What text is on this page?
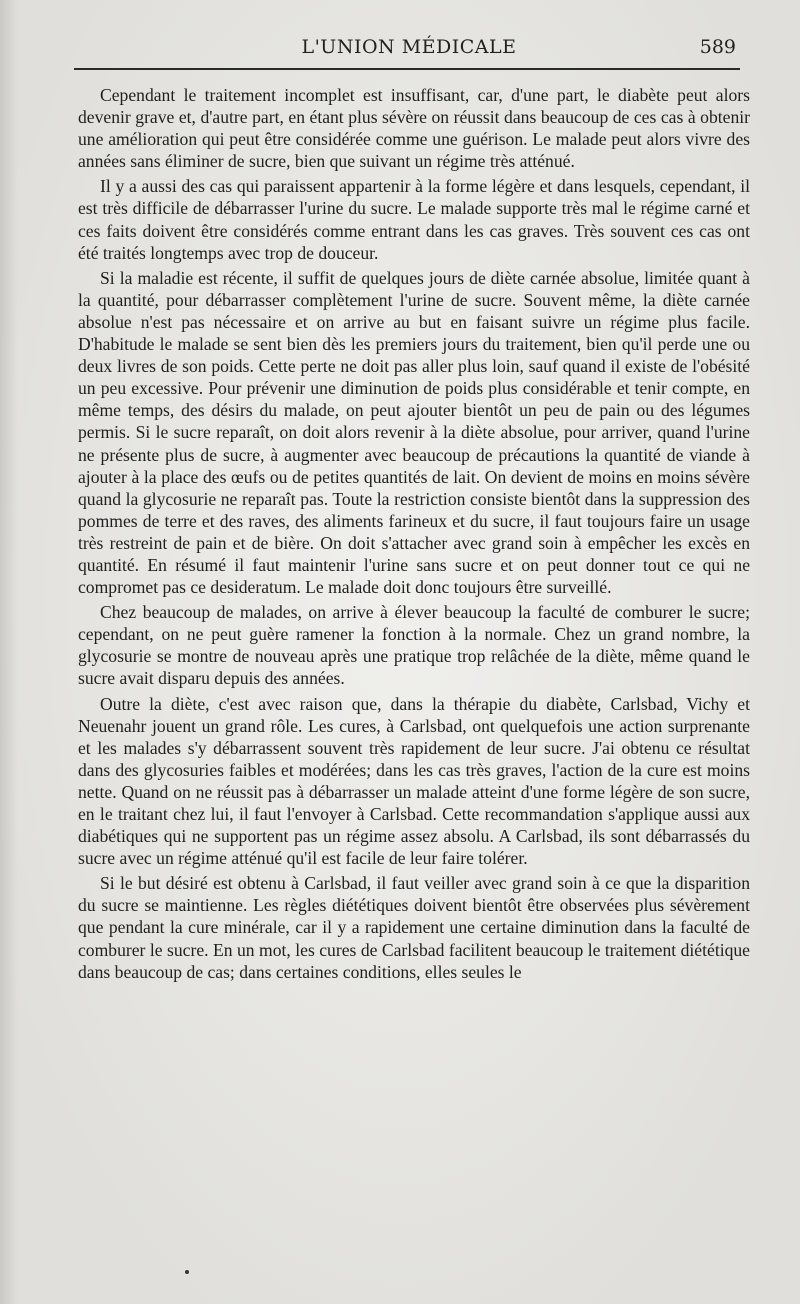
L'UNION MÉDICALE	589

Cependant le traitement incomplet est insuffisant, car, d'une part, le diabète peut alors devenir grave et, d'autre part, en étant plus sévère on réussit dans beaucoup de ces cas à obtenir une amélioration qui peut être considérée comme une guérison. Le malade peut alors vivre des années sans éliminer de sucre, bien que suivant un régime très atténué.

Il y a aussi des cas qui paraissent appartenir à la forme légère et dans lesquels, cependant, il est très difficile de débarrasser l'urine du sucre. Le malade supporte très mal le régime carné et ces faits doivent être considérés comme entrant dans les cas graves. Très souvent ces cas ont été traités longtemps avec trop de douceur.

Si la maladie est récente, il suffit de quelques jours de diète carnée absolue, limitée quant à la quantité, pour débarrasser complètement l'urine de sucre. Souvent même, la diète carnée absolue n'est pas nécessaire et on arrive au but en faisant suivre un régime plus facile. D'habitude le malade se sent bien dès les premiers jours du traitement, bien qu'il perde une ou deux livres de son poids. Cette perte ne doit pas aller plus loin, sauf quand il existe de l'obésité un peu excessive. Pour prévenir une diminution de poids plus considérable et tenir compte, en même temps, des désirs du malade, on peut ajouter bientôt un peu de pain ou des légumes permis. Si le sucre reparaît, on doit alors revenir à la diète absolue, pour arriver, quand l'urine ne présente plus de sucre, à augmenter avec beaucoup de précautions la quantité de viande à ajouter à la place des œufs ou de petites quantités de lait. On devient de moins en moins sévère quand la glycosurie ne reparaît pas. Toute la restriction consiste bientôt dans la suppression des pommes de terre et des raves, des aliments farineux et du sucre, il faut toujours faire un usage très restreint de pain et de bière. On doit s'attacher avec grand soin à empêcher les excès en quantité. En résumé il faut maintenir l'urine sans sucre et on peut donner tout ce qui ne compromet pas ce desideratum. Le malade doit donc toujours être surveillé.

Chez beaucoup de malades, on arrive à élever beaucoup la faculté de comburer le sucre; cependant, on ne peut guère ramener la fonction à la normale. Chez un grand nombre, la glycosurie se montre de nouveau après une pratique trop relâchée de la diète, même quand le sucre avait disparu depuis des années.

Outre la diète, c'est avec raison que, dans la thérapie du diabète, Carlsbad, Vichy et Neuenahr jouent un grand rôle. Les cures, à Carlsbad, ont quelquefois une action surprenante et les malades s'y débarrassent souvent très rapidement de leur sucre. J'ai obtenu ce résultat dans des glycosuries faibles et modérées; dans les cas très graves, l'action de la cure est moins nette. Quand on ne réussit pas à débarrasser un malade atteint d'une forme légère de son sucre, en le traitant chez lui, il faut l'envoyer à Carlsbad. Cette recommandation s'applique aussi aux diabétiques qui ne supportent pas un régime assez absolu. A Carlsbad, ils sont débarrassés du sucre avec un régime atténué qu'il est facile de leur faire tolérer.

Si le but désiré est obtenu à Carlsbad, il faut veiller avec grand soin à ce que la disparition du sucre se maintienne. Les règles diététiques doivent bientôt être observées plus sévèrement que pendant la cure minérale, car il y a rapidement une certaine diminution dans la faculté de comburer le sucre. En un mot, les cures de Carlsbad facilitent beaucoup le traitement diététique dans beaucoup de cas; dans certaines conditions, elles seules le
